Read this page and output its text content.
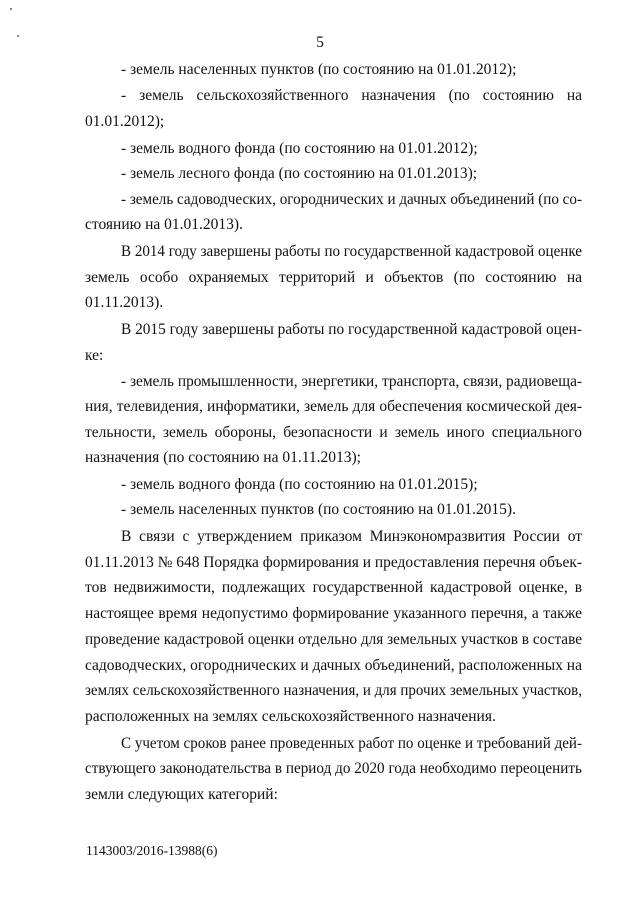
5
- земель населенных пунктов (по состоянию на 01.01.2012);
- земель сельскохозяйственного назначения (по состоянию на
01.01.2012);
- земель водного фонда (по состоянию на 01.01.2012);
- земель лесного фонда (по состоянию на 01.01.2013);
- земель садоводческих, огороднических и дачных объединений (по со-
стоянию на 01.01.2013).
В 2014 году завершены работы по государственной кадастровой оценке
земель особо охраняемых территорий и объектов (по состоянию на
01.11.2013).
В 2015 году завершены работы по государственной кадастровой оцен-
ке:
- земель промышленности, энергетики, транспорта, связи, радиовеща-
ния, телевидения, информатики, земель для обеспечения космической дея-
тельности, земель обороны, безопасности и земель иного специального
назначения (по состоянию на 01.11.2013);
- земель водного фонда (по состоянию на 01.01.2015);
- земель населенных пунктов (по состоянию на 01.01.2015).
В связи с утверждением приказом Минэкономразвития России от
01.11.2013 № 648 Порядка формирования и предоставления перечня объек-
тов недвижимости, подлежащих государственной кадастровой оценке, в
настоящее время недопустимо формирование указанного перечня, а также
проведение кадастровой оценки отдельно для земельных участков в составе
садоводческих, огороднических и дачных объединений, расположенных на
землях сельскохозяйственного назначения, и для прочих земельных участков,
расположенных на землях сельскохозяйственного назначения.
С учетом сроков ранее проведенных работ по оценке и требований дей-
ствующего законодательства в период до 2020 года необходимо переоценить
земли следующих категорий:
1143003/2016-13988(6)
